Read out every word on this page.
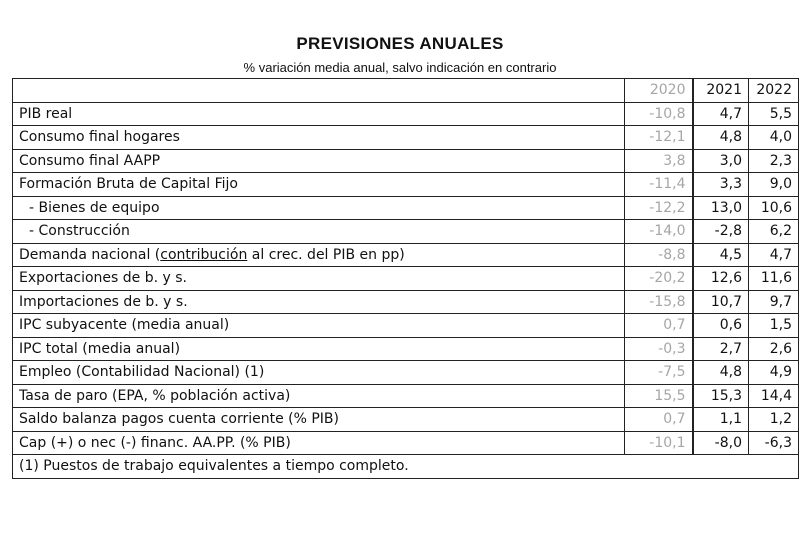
PREVISIONES ANUALES
% variación media anual, salvo indicación en contrario
	2020	2021	2022
PIB real	-10,8	4,7	5,5
Consumo final hogares	-12,1	4,8	4,0
Consumo final AAPP	3,8	3,0	2,3
Formación Bruta de Capital Fijo	-11,4	3,3	9,0
- Bienes de equipo	-12,2	13,0	10,6
- Construcción	-14,0	-2,8	6,2
Demanda nacional (contribución al crec. del PIB en pp)	-8,8	4,5	4,7
Exportaciones de b. y s.	-20,2	12,6	11,6
Importaciones de b. y s.	-15,8	10,7	9,7
IPC subyacente (media anual)	0,7	0,6	1,5
IPC total (media anual)	-0,3	2,7	2,6
Empleo (Contabilidad Nacional) (1)	-7,5	4,8	4,9
Tasa de paro (EPA, % población activa)	15,5	15,3	14,4
Saldo balanza pagos cuenta corriente (% PIB)	0,7	1,1	1,2
Cap (+) o nec (-) financ. AA.PP. (% PIB)	-10,1	-8,0	-6,3
(1) Puestos de trabajo equivalentes a tiempo completo.			
